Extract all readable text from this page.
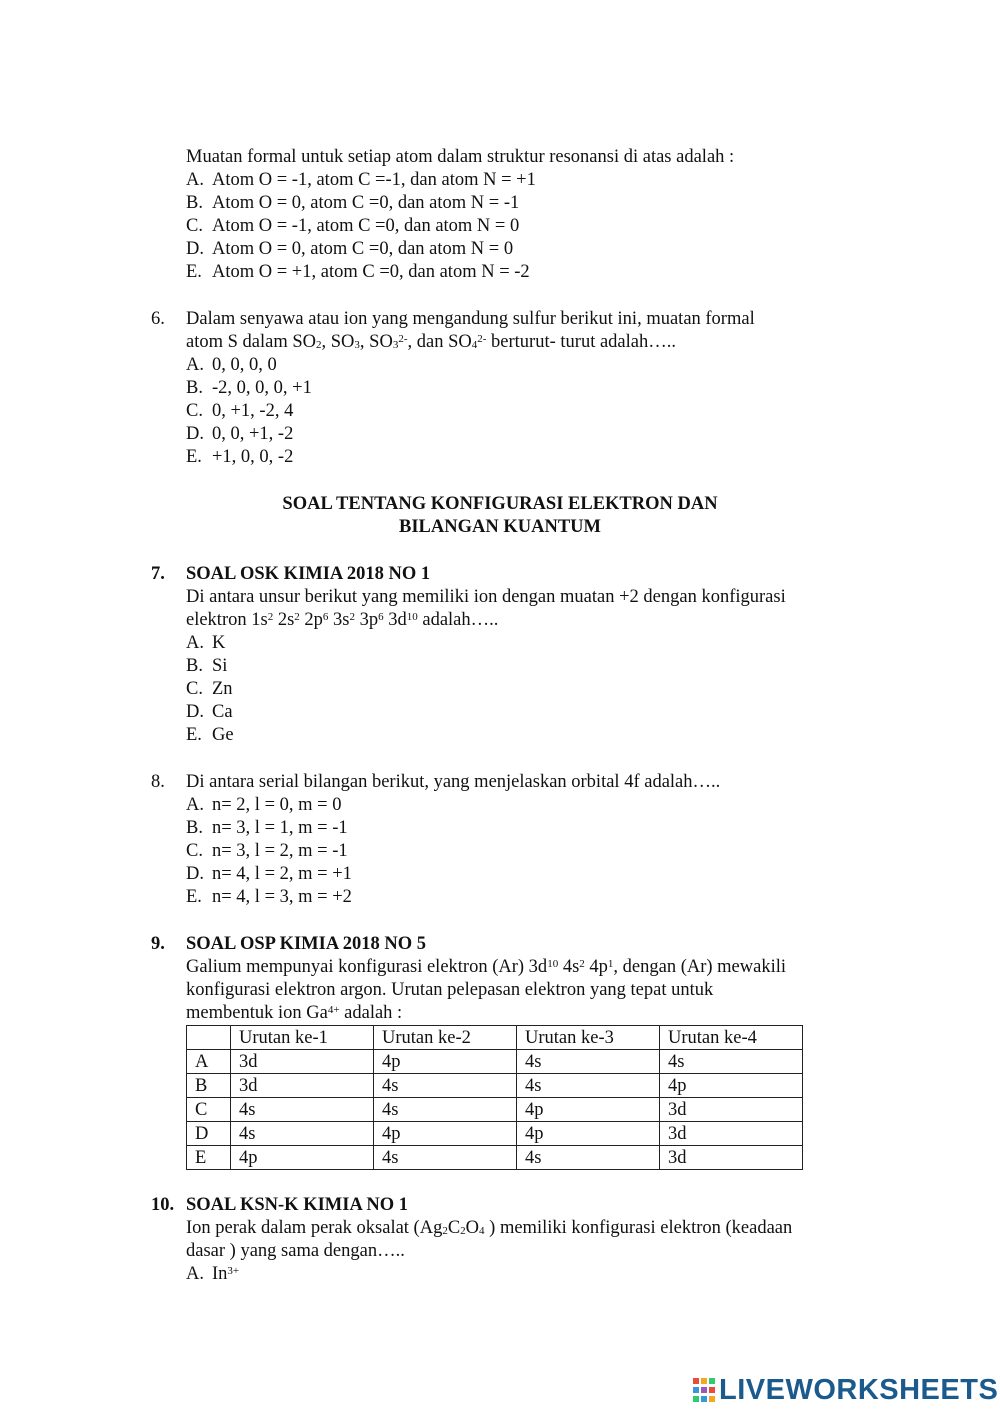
Muatan formal untuk setiap atom dalam struktur resonansi di atas adalah :
A. Atom O = -1, atom C =-1, dan atom N = +1
B. Atom O = 0, atom C =0, dan atom N = -1
C. Atom O = -1, atom C =0, dan atom N = 0
D. Atom O = 0, atom C =0, dan atom N = 0
E. Atom O = +1, atom C =0, dan atom N = -2
6. Dalam senyawa atau ion yang mengandung sulfur berikut ini, muatan formal
atom S dalam $SO_2$, $SO_3$, $SO_3^{2-}$, dan $SO_4^{2-}$ berturut- turut adalah…..
A. 0, 0, 0, 0
B. -2, 0, 0, 0, +1
C. 0, +1, -2, 4
D. 0, 0, +1, -2
E. +1, 0, 0, -2
SOAL TENTANG KONFIGURASI ELEKTRON DAN
BILANGAN KUANTUM
7. SOAL OSK KIMIA 2018 NO 1
Di antara unsur berikut yang memiliki ion dengan muatan +2 dengan konfigurasi
elektron $1s^2$ $2s^2$ $2p^6$ $3s^2$ $3p^6$ $3d^{10}$ adalah…..
A. K
B. Si
C. Zn
D. Ca
E. Ge
8. Di antara serial bilangan berikut, yang menjelaskan orbital 4f adalah…..
A. n= 2, l = 0, m = 0
B. n= 3, l = 1, m = -1
C. n= 3, l = 2, m = -1
D. n= 4, l = 2, m = +1
E. n= 4, l = 3, m = +2
9. SOAL OSP KIMIA 2018 NO 5
Galium mempunyai konfigurasi elektron (Ar) $3d^{10}$ $4s^2$ $4p^1$, dengan (Ar) mewakili
konfigurasi elektron argon. Urutan pelepasan elektron yang tepat untuk
membentuk ion $Ga^{4+}$ adalah :
	Urutan ke-1	Urutan ke-2	Urutan ke-3	Urutan ke-4
A	3d	4p	4s	4s
B	3d	4s	4s	4p
C	4s	4s	4p	3d
D	4s	4p	4p	3d
E	4p	4s	4s	3d
10. SOAL KSN-K KIMIA NO 1
Ion perak dalam perak oksalat ($Ag_2C_2O_4$ ) memiliki konfigurasi elektron (keadaan
dasar ) yang sama dengan…..
A. $In^{3+}$
LIVEWORKSHEETS
